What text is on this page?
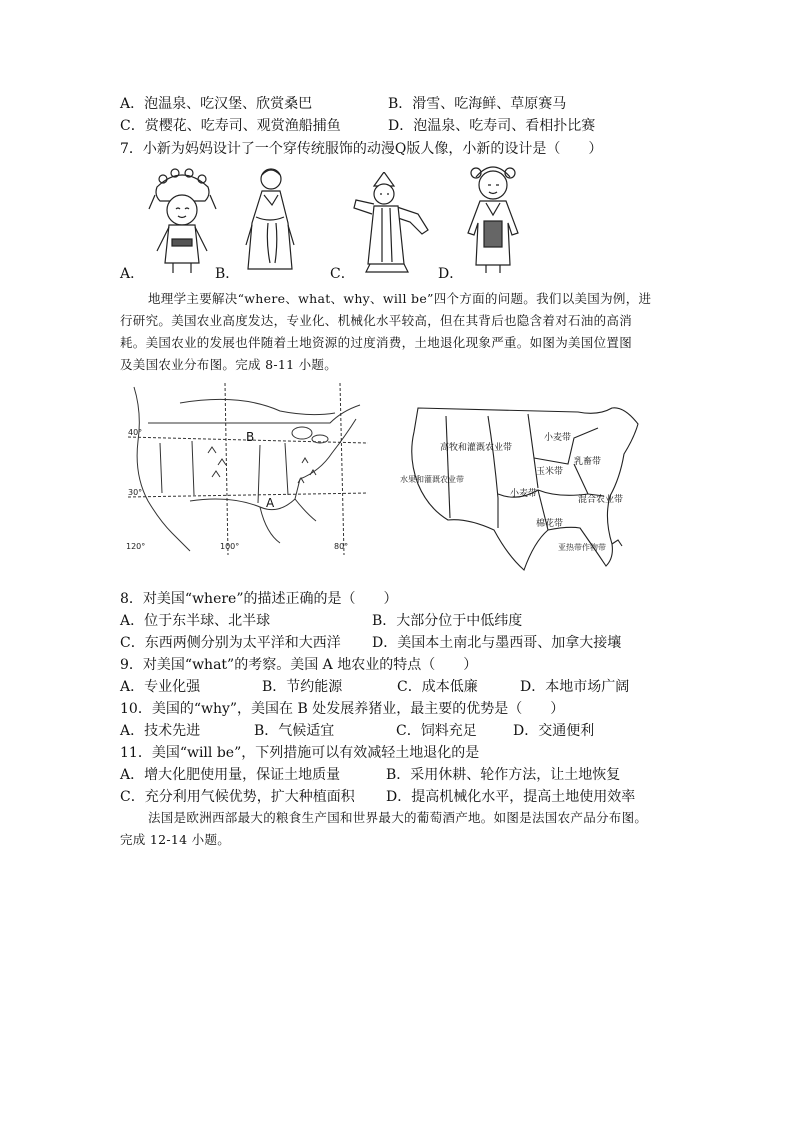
A．泡温泉、吃汉堡、欣赏桑巴	B．滑雪、吃海鲜、草原赛马
C．赏樱花、吃寿司、观赏渔船捕鱼	D．泡温泉、吃寿司、看相扑比赛
7．小新为妈妈设计了一个穿传统服饰的动漫Q版人像，小新的设计是（　　）
A．	B．	C．	D．
地理学主要解决“where、what、why、will be”四个方面的问题。我们以美国为例，进
行研究。美国农业高度发达，专业化、机械化水平较高，但在其背后也隐含着对石油的高消
耗。美国农业的发展也伴随着土地资源的过度消费，土地退化现象严重。如图为美国位置图
及美国农业分布图。完成 8-11 小题。
B
A
40°
30°
120°	100°	80°
小麦带
乳畜带
高牧和灌溉农业带
水果和灌溉农业带
玉米带
混合农业带
小麦带
棉花带
亚热带作物带
8．对美国“where”的描述正确的是（　　）
A．位于东半球、北半球	B．大部分位于中低纬度
C．东西两侧分别为太平洋和大西洋 D．美国本土南北与墨西哥、加拿大接壤
9．对美国“what”的考察。美国 A 地农业的特点（　　）
A．专业化强	B．节约能源	C．成本低廉	D．本地市场广阔
10．美国的“why”，美国在 B 处发展养猪业，最主要的优势是（　　）
A．技术先进	B．气候适宜	C．饲料充足	D．交通便利
11．美国“will be”，下列措施可以有效减轻土地退化的是
A．增大化肥使用量，保证土地质量	B．采用休耕、轮作方法，让土地恢复
C．充分利用气候优势，扩大种植面积 D．提高机械化水平，提高土地使用效率
法国是欧洲西部最大的粮食生产国和世界最大的葡萄酒产地。如图是法国农产品分布图。
完成 12-14 小题。
